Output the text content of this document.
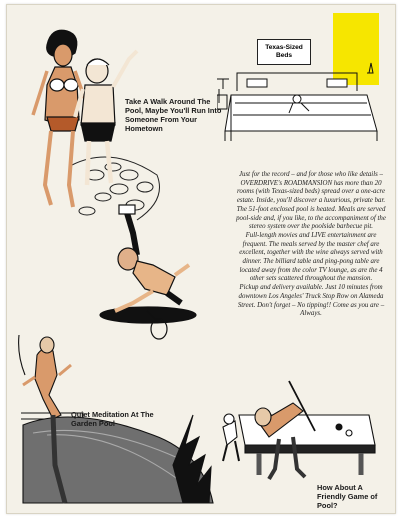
Take A Walk Around The Pool, Maybe You'll Run Into Someone From Your Hometown
Texas-Sized Beds

Just for the record – and for those who like details – OVERDRIVE's ROADMANSION has more than 20 rooms (with Texas-sized beds) spread over a one-acre estate. Inside, you'll discover a luxurious, private bar. The 51-foot enclosed pool is heated. Meals are served pool-side and, if you like, to the accompaniment of the stereo system over the poolside barbecue pit.

Full-length movies and LIVE entertainment are frequent. The meals served by the master chef are excellent, together with the wine always served with dinner. The billiard table and ping-pong table are located away from the color TV lounge, as are the 4 other sets scattered throughout the mansion.

Pickup and delivery available. Just 10 minutes from downtown Los Angeles' Truck Stop Row on Alameda Street. Don't forget – No tipping!! Come as you are – Always.

Quiet Meditation At The Garden Pool
How About A Friendly Game of Pool?
